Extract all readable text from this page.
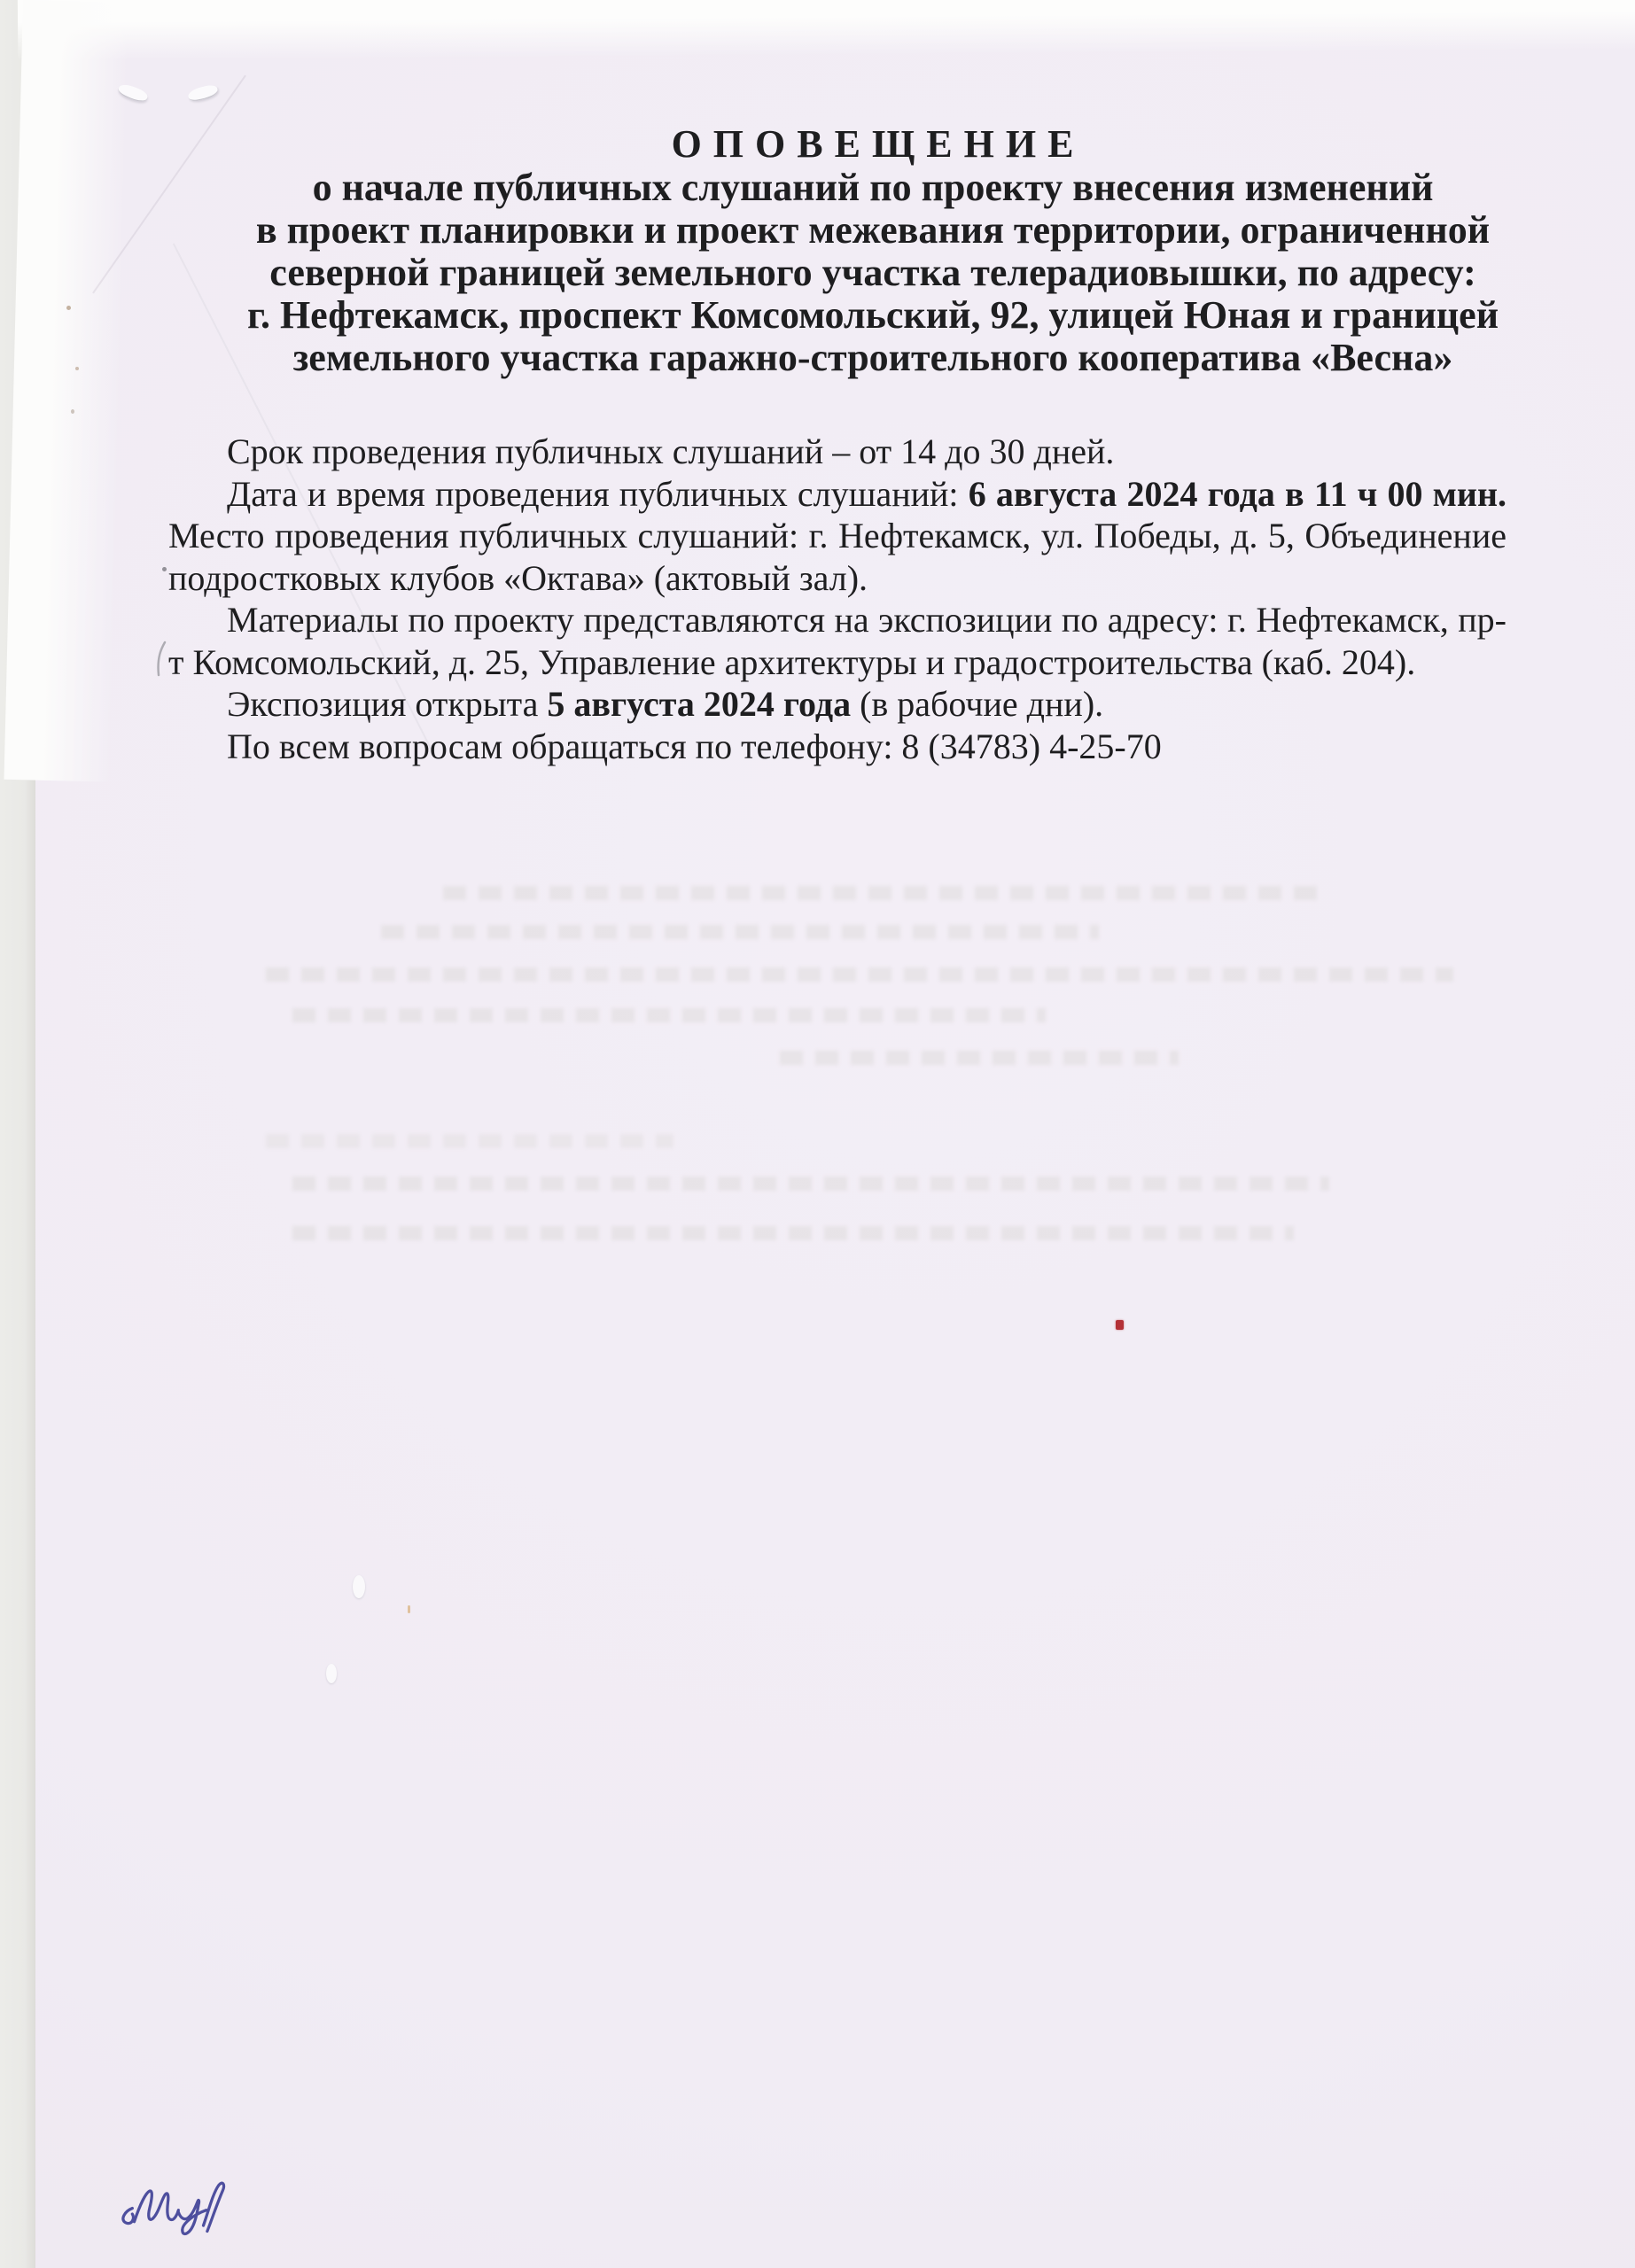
О П О В Е Щ Е Н И Е
о начале публичных слушаний по проекту внесения изменений
в проект планировки и проект межевания территории, ограниченной
северной границей земельного участка телерадиовышки, по адресу:
г. Нефтекамск, проспект Комсомольский, 92, улицей Юная и границей
земельного участка гаражно-строительного кооператива «Весна»

Срок проведения публичных слушаний – от 14 до 30 дней.

Дата и время проведения публичных слушаний: 6 августа 2024 года в 11 ч 00 мин. Место проведения публичных слушаний: г. Нефтекамск, ул. Победы, д. 5, Объединение подростковых клубов «Октава» (актовый зал).

Материалы по проекту представляются на экспозиции по адресу: г. Нефтекамск, пр-т Комсомольский, д. 25, Управление архитектуры и градостроительства (каб. 204).

Экспозиция открыта 5 августа 2024 года (в рабочие дни).

По всем вопросам обращаться по телефону: 8 (34783) 4-25-70
